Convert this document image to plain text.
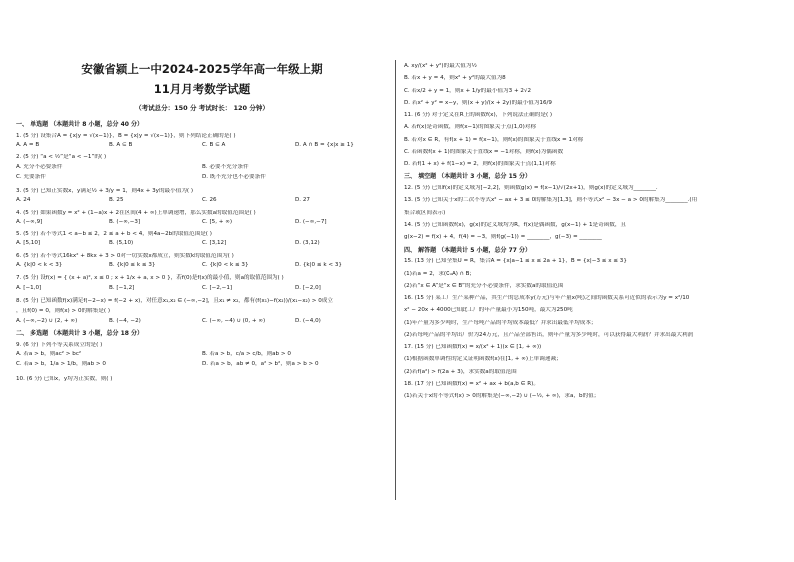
安徽省颍上一中2024-2025学年高一年级上期
11月月考数学试题
（考试总分：150 分 考试时长： 120 分钟）
一、 单选题 （本题共计 8 小题，总分 40 分）
1. (5 分) 设集合A = {x|y = √(x−1)}，B = {x|y = √(x−1)}，则下列结论正确的是( )
A. A = B	B. A ⊆ B	C. B ⊆ A	D. A ∩ B = {x|x ≥ 1}
2. (5 分) “a < ½”是“a < −1”的( )
A. 充分不必要条件	B. 必要不充分条件
C. 充要条件	D. 既不充分也不必要条件
3. (5 分) 已知正实数x，y满足½ + 3/y = 1，则4x + 3y的最小值为( )
A. 24	B. 25	C. 26	D. 27
4. (5 分) 如果函数y = x² + (1−a)x + 2在区间(4 + ∞)上单调递增，那么实数a的取值范围是( )
A. (−∞,9]	B. (−∞,−3]	C. [5, + ∞)	D. (−∞,−7]
5. (5 分) 若不等式1 < a−b ≤ 2，2 ≤ a + b < 4，则4a−2b的取值范围是( )
A. [5,10]	B. (5,10)	C. [3,12]	D. (3,12)
6. (5 分) 若不等式16kx² + 8kx + 3 > 0对一切实数x都成立，则实数k的取值范围为( )
A. {k|0 < k < 3}	B. {k|0 ≤ k ≤ 3}	C. {k|0 < k ≤ 3}	D. {k|0 ≤ k < 3}
7. (5 分) 设f(x) = { (x + a)², x ≤ 0 ; x + 1/x + a, x > 0 }，若f(0)是f(x)的最小值，则a的取值范围为( )
A. [−1,0]	B. [−1,2]	C. [−2,−1]	D. [−2,0]
8. (5 分) 已知函数f(x)满足f(−2−x) = f(−2 + x)，对任意x₁,x₂ ∈ (−∞,−2]，且x₁ ≠ x₂，都有(f(x₁)−f(x₂))/(x₁−x₂) > 0成立
，且f(0) = 0，则f(x) > 0的解集是( )
A. (−∞,−2) ∪ (2, + ∞)	B. (−4, −2)	C. (−∞, −4) ∪ (0, + ∞)	D. (−4,0)
二、 多选题 （本题共计 3 小题，总分 18 分）
9. (6 分) 下列不等关系成立的是( )
A. 若a > b，则ac² > bc²	B. 若a > b，c/a > c/b，则ab > 0
C. 若a > b，1/a > 1/b，则ab > 0	D. 若a > b，ab ≠ 0，a² > b²，则a > b > 0
10. (6 分) 已知x，y均为正实数，则( )
A. xy/(x² + y²)的最大值为½
B. 若x + y = 4，则x² + y²的最大值为8
C. 若x/2 + y = 1，则x + 1/y的最小值为3 + 2√2
D. 若x² + y² = x−y，则(x + y)/(x + 2y)的最小值为16/9
11. (6 分) 对于定义在R上的函数f(x)，下列说法正确的是( )
A. 若f(x)是奇函数，则f(x−1)的图象关于点(1,0)对称
B. 若对x ∈ R，有f(x + 1) = f(x−1)，则f(x)的图象关于直线x = 1对称
C. 若函数f(x + 1)的图象关于直线x = −1对称，则f(x)为偶函数
D. 若f(1 + x) + f(1−x) = 2，则f(x)的图象关于点(1,1)对称
三、 填空题 （本题共计 3 小题，总分 15 分）
12. (5 分) 已知f(x)的定义域为[−2,2]，则函数g(x) = f(x−1)/√(2x+1)，则g(x)的定义域为________.
13. (5 分) 已知关于x的二次不等式x² − ax + 3 ≤ 0的解集为[1,3]，则不等式x² − 3x − a > 0的解集为________.(用
集合或区间表示)
14. (5 分) 已知函数f(x)，g(x)的定义域均为R，f(x)是偶函数，g(x−1) + 1是奇函数，且
g(x−2) = f(x) + 4，f(4) = −3，则f(g(−1)) = ________，g(−3) = ________
四、 解答题 （本题共计 5 小题，总分 77 分）
15. (13 分) 已知全集U = R，集合A = {x|a−1 ≤ x ≤ 2a + 1}，B = {x|−3 ≤ x ≤ 3}
(1)若a = 2，求(∁ᵤA) ∩ B；
(2)若“x ∈ A”是“x ∈ B”的充分不必要条件，求实数a的取值范围
16. (15 分) 某工厂生产某种产品，其生产的总成本y(万元)与年产量x(吨)之间的函数关系可近似的表示为y = x²/10
x² − 20x + 4000已知此工厂的年产量最小为150吨，最大为250吨
(1)年产量为多少吨时，生产每吨产品的平均成本最低？并求出最低平均成本；
(2)若每吨产品的平均出厂价为24万元，且产品全部售出，则年产量为多少吨时，可以获得最大利润？并求出最大利润
17. (15 分) 已知函数f(x) = x/(x² + 1)(x ∈ [1, + ∞))
(1)根据函数单调性的定义证明函数f(x)在[1, + ∞)上单调递减；
(2)若f(a²) > f(2a + 3)，求实数a的取值范围
18. (17 分) 已知函数f(x) = x² + ax + b(a,b ∈ R)。
(1)若关于x的不等式f(x) > 0的解集是(−∞,−2) ∪ (−½, + ∞)，求a，b的值；
